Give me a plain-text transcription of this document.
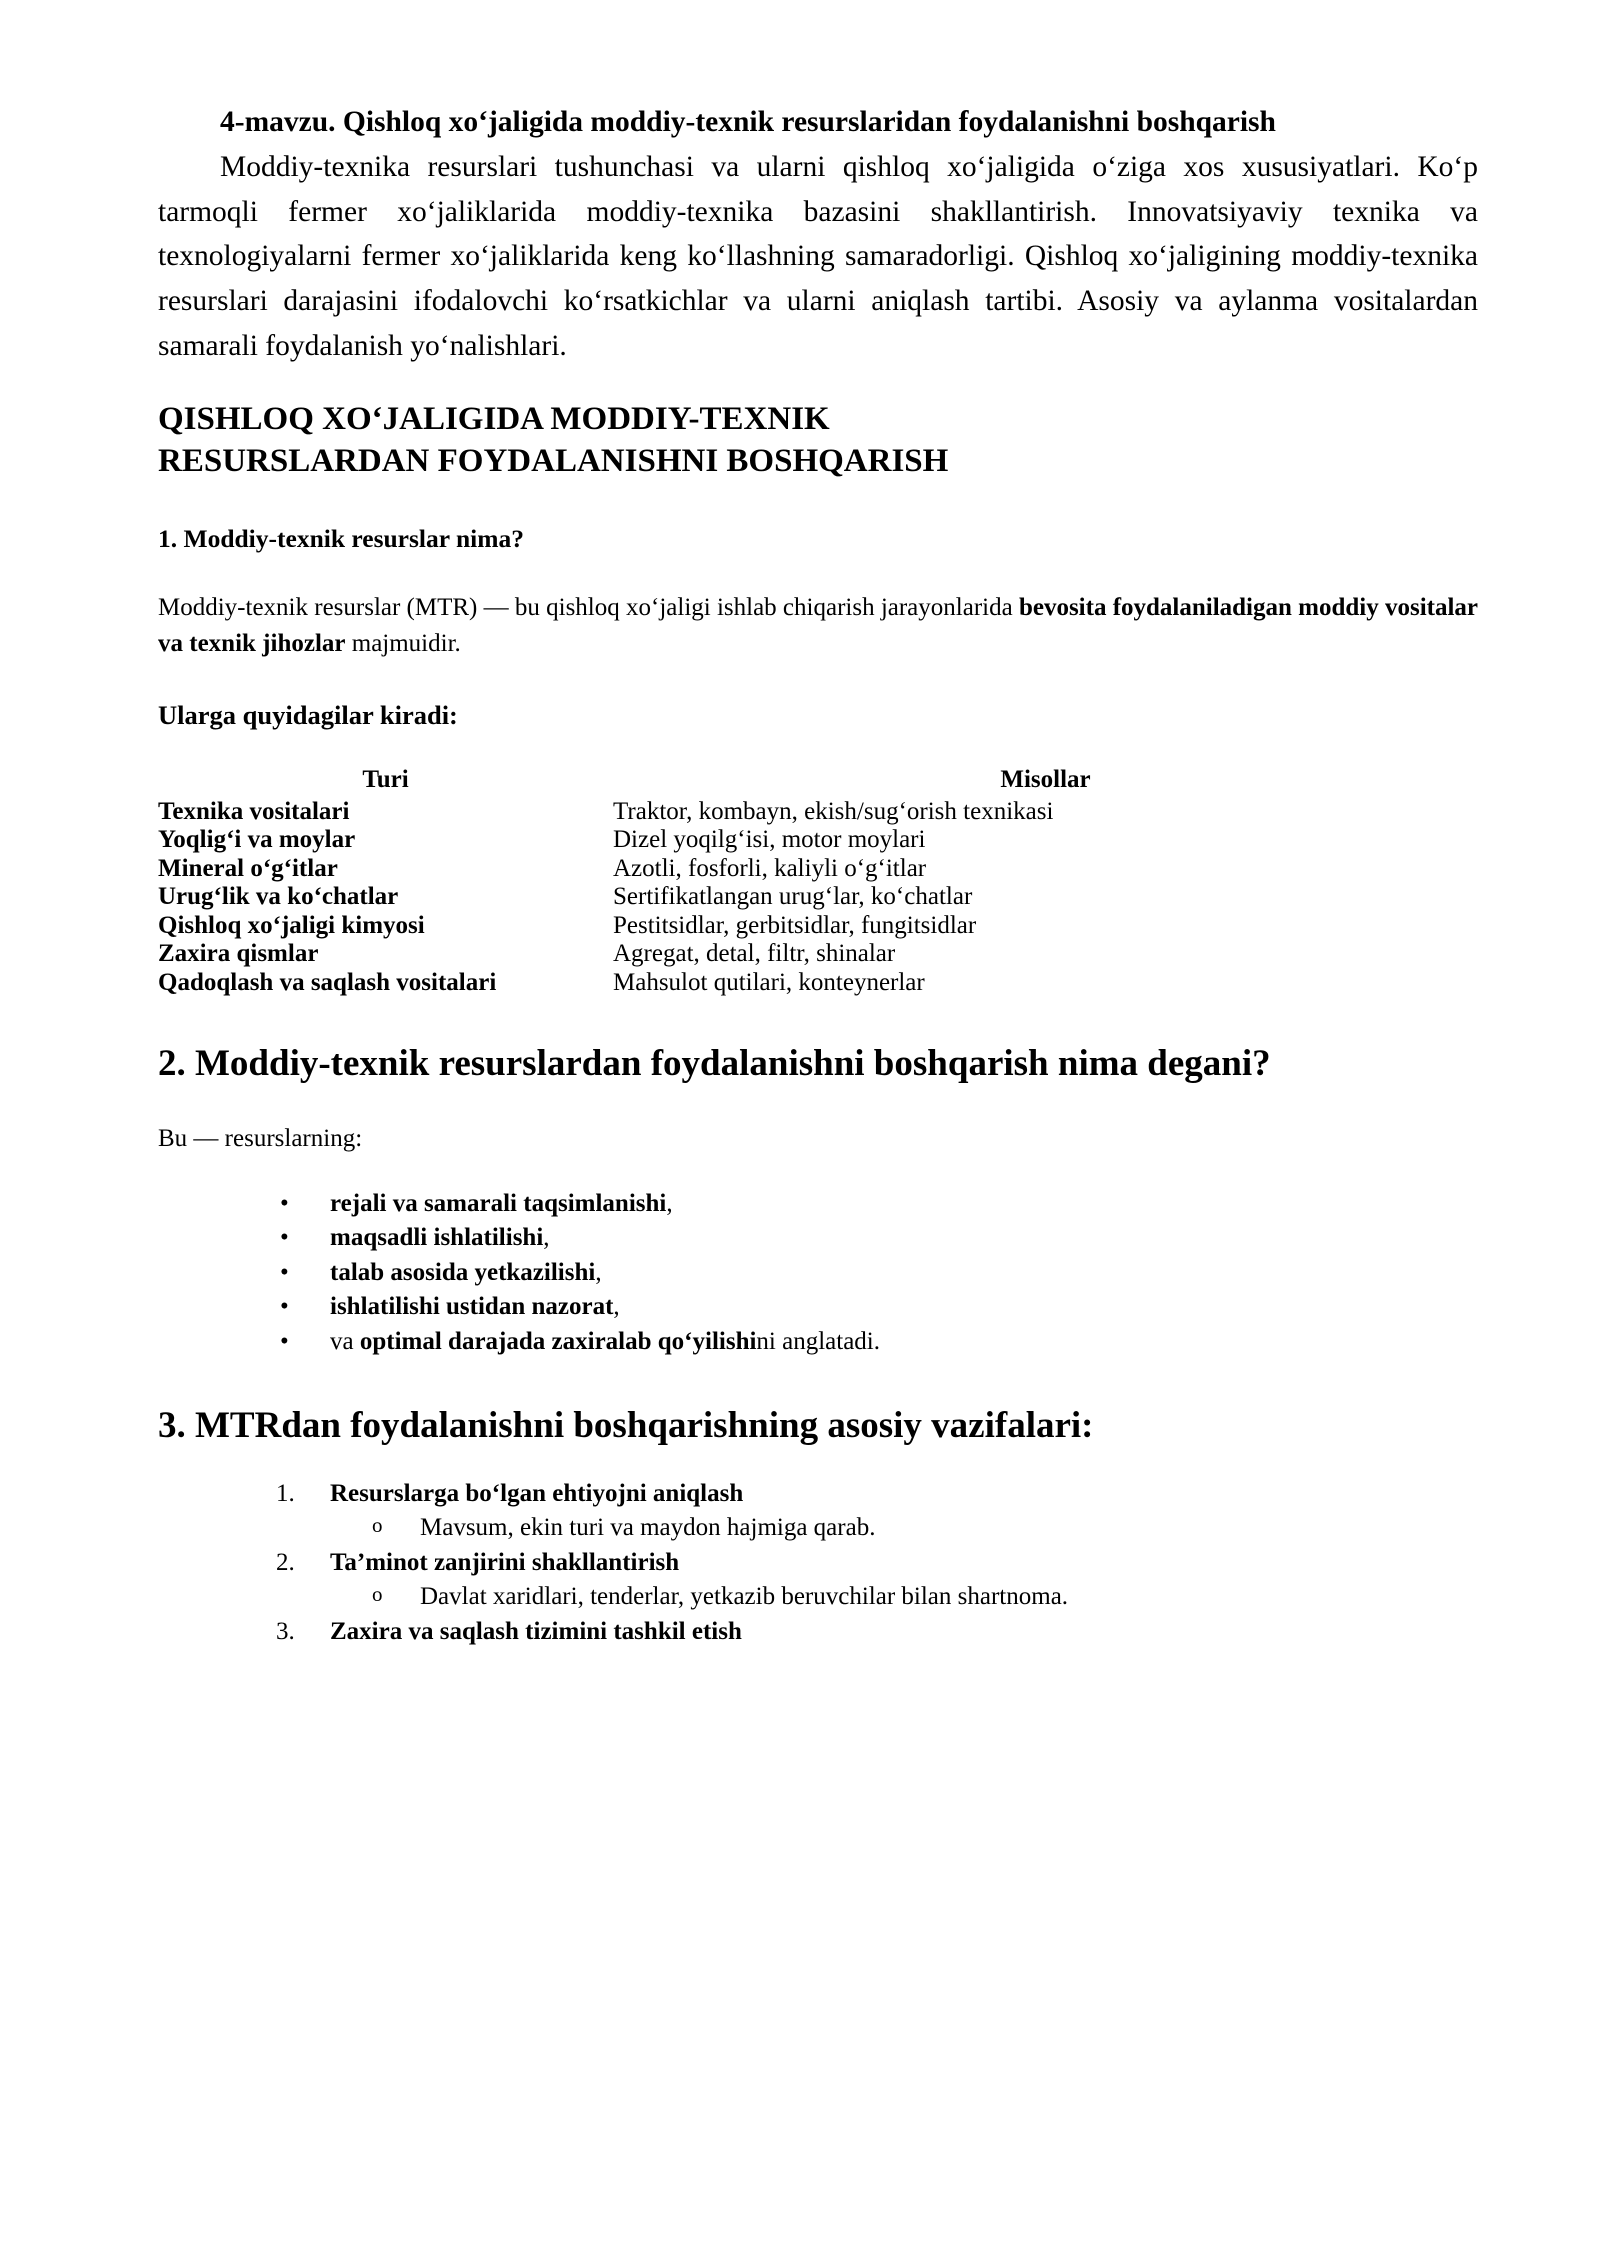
4-mavzu. Qishloq xo‘jaligida moddiy-texnik resurslaridan foydalanishni boshqarish

Moddiy-texnika resurslari tushunchasi va ularni qishloq xo‘jaligida o‘ziga xos xususiyatlari. Ko‘p tarmoqli fermer xo‘jaliklarida moddiy-texnika bazasini shakllantirish. Innovatsiyaviy texnika va texnologiyalarni fermer xo‘jaliklarida keng ko‘llashning samaradorligi. Qishloq xo‘jaligining moddiy-texnika resurslari darajasini ifodalovchi ko‘rsatkichlar va ularni aniqlash tartibi. Asosiy va aylanma vositalardan samarali foydalanish yo‘nalishlari.

QISHLOQ XO‘JALIGIDA MODDIY-TEXNIK
RESURSLARDAN FOYDALANISHNI BOSHQARISH
1. Moddiy-texnik resurslar nima?

Moddiy-texnik resurslar (MTR) — bu qishloq xo‘jaligi ishlab chiqarish jarayonlarida bevosita foydalaniladigan moddiy vositalar va texnik jihozlar majmuidir.

Ularga quyidagilar kiradi:

Turi	Misollar
Texnika vositalari	Traktor, kombayn, ekish/sug‘orish texnikasi
Yoqlig‘i va moylar	Dizel yoqilg‘isi, motor moylari
Mineral o‘g‘itlar	Azotli, fosforli, kaliyli o‘g‘itlar
Urug‘lik va ko‘chatlar	Sertifikatlangan urug‘lar, ko‘chatlar
Qishloq xo‘jaligi kimyosi	Pestitsidlar, gerbitsidlar, fungitsidlar
Zaxira qismlar	Agregat, detal, filtr, shinalar
Qadoqlash va saqlash vositalari	Mahsulot qutilari, konteynerlar
2. Moddiy-texnik resurslardan foydalanishni boshqarish nima degani?

Bu — resurslarning:

• rejali va samarali taqsimlanishi,
• maqsadli ishlatilishi,
• talab asosida yetkazilishi,
• ishlatilishi ustidan nazorat,
• va optimal darajada zaxiralab qo‘yilishini anglatadi.
3. MTRdan foydalanishni boshqarishning asosiy vazifalari:
Resurslarga bo‘lgan ehtiyojni aniqlash
o Mavsum, ekin turi va maydon hajmiga qarab.
Ta’minot zanjirini shakllantirish
o Davlat xaridlari, tenderlar, yetkazib beruvchilar bilan shartnoma.
Zaxira va saqlash tizimini tashkil etish
